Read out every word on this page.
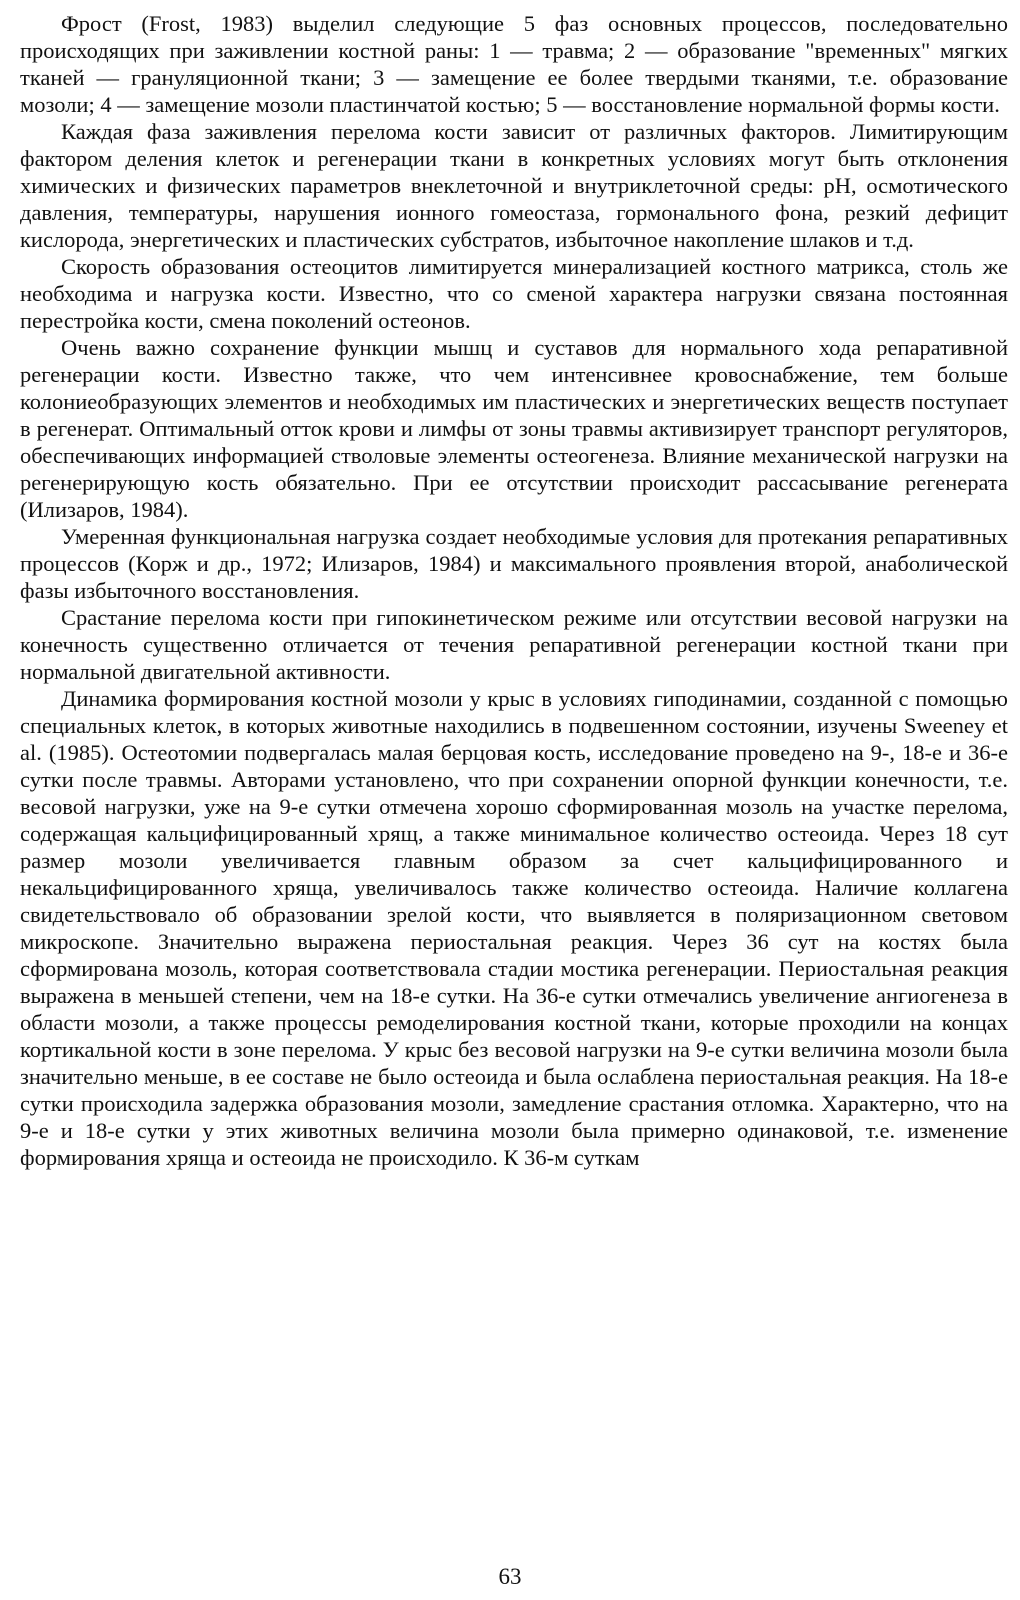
Фрост (Frost, 1983) выделил следующие 5 фаз основных процессов, последовательно происходящих при заживлении костной раны: 1 — травма; 2 — образование "временных" мягких тканей — грануляционной ткани; 3 — замещение ее более твердыми тканями, т.е. образование мозоли; 4 — замещение мозоли пластинчатой костью; 5 — восстановление нормальной формы кости.

Каждая фаза заживления перелома кости зависит от различных факторов. Лимитирующим фактором деления клеток и регенерации ткани в конкретных условиях могут быть отклонения химических и физических параметров внеклеточной и внутриклеточной среды: pH, осмотического давления, температуры, нарушения ионного гомеостаза, гормонального фона, резкий дефицит кислорода, энергетических и пластических субстратов, избыточное накопление шлаков и т.д.

Скорость образования остеоцитов лимитируется минерализацией костного матрикса, столь же необходима и нагрузка кости. Известно, что со сменой характера нагрузки связана постоянная перестройка кости, смена поколений остеонов.

Очень важно сохранение функции мышц и суставов для нормального хода репаративной регенерации кости. Известно также, что чем интенсивнее кровоснабжение, тем больше колониеобразующих элементов и необходимых им пластических и энергетических веществ поступает в регенерат. Оптимальный отток крови и лимфы от зоны травмы активизирует транспорт регуляторов, обеспечивающих информацией стволовые элементы остеогенеза. Влияние механической нагрузки на регенерирующую кость обязательно. При ее отсутствии происходит рассасывание регенерата (Илизаров, 1984).

Умеренная функциональная нагрузка создает необходимые условия для протекания репаративных процессов (Корж и др., 1972; Илизаров, 1984) и максимального проявления второй, анаболической фазы избыточного восстановления.

Срастание перелома кости при гипокинетическом режиме или отсутствии весовой нагрузки на конечность существенно отличается от течения репаративной регенерации костной ткани при нормальной двигательной активности.

Динамика формирования костной мозоли у крыс в условиях гиподинамии, созданной с помощью специальных клеток, в которых животные находились в подвешенном состоянии, изучены Sweeney et al. (1985). Остеотомии подвергалась малая берцовая кость, исследование проведено на 9-, 18-е и 36-е сутки после травмы. Авторами установлено, что при сохранении опорной функции конечности, т.е. весовой нагрузки, уже на 9-е сутки отмечена хорошо сформированная мозоль на участке перелома, содержащая кальцифицированный хрящ, а также минимальное количество остеоида. Через 18 сут размер мозоли увеличивается главным образом за счет кальцифицированного и некальцифицированного хряща, увеличивалось также количество остеоида. Наличие коллагена свидетельствовало об образовании зрелой кости, что выявляется в поляризационном световом микроскопе. Значительно выражена периостальная реакция. Через 36 сут на костях была сформирована мозоль, которая соответствовала стадии мостика регенерации. Периостальная реакция выражена в меньшей степени, чем на 18-е сутки. На 36-е сутки отмечались увеличение ангиогенеза в области мозоли, а также процессы ремоделирования костной ткани, которые проходили на концах кортикальной кости в зоне перелома. У крыс без весовой нагрузки на 9-е сутки величина мозоли была значительно меньше, в ее составе не было остеоида и была ослаблена периостальная реакция. На 18-е сутки происходила задержка образования мозоли, замедление срастания отломка. Характерно, что на 9-е и 18-е сутки у этих животных величина мозоли была примерно одинаковой, т.е. изменение формирования хряща и остеоида не происходило. К 36-м суткам

63
